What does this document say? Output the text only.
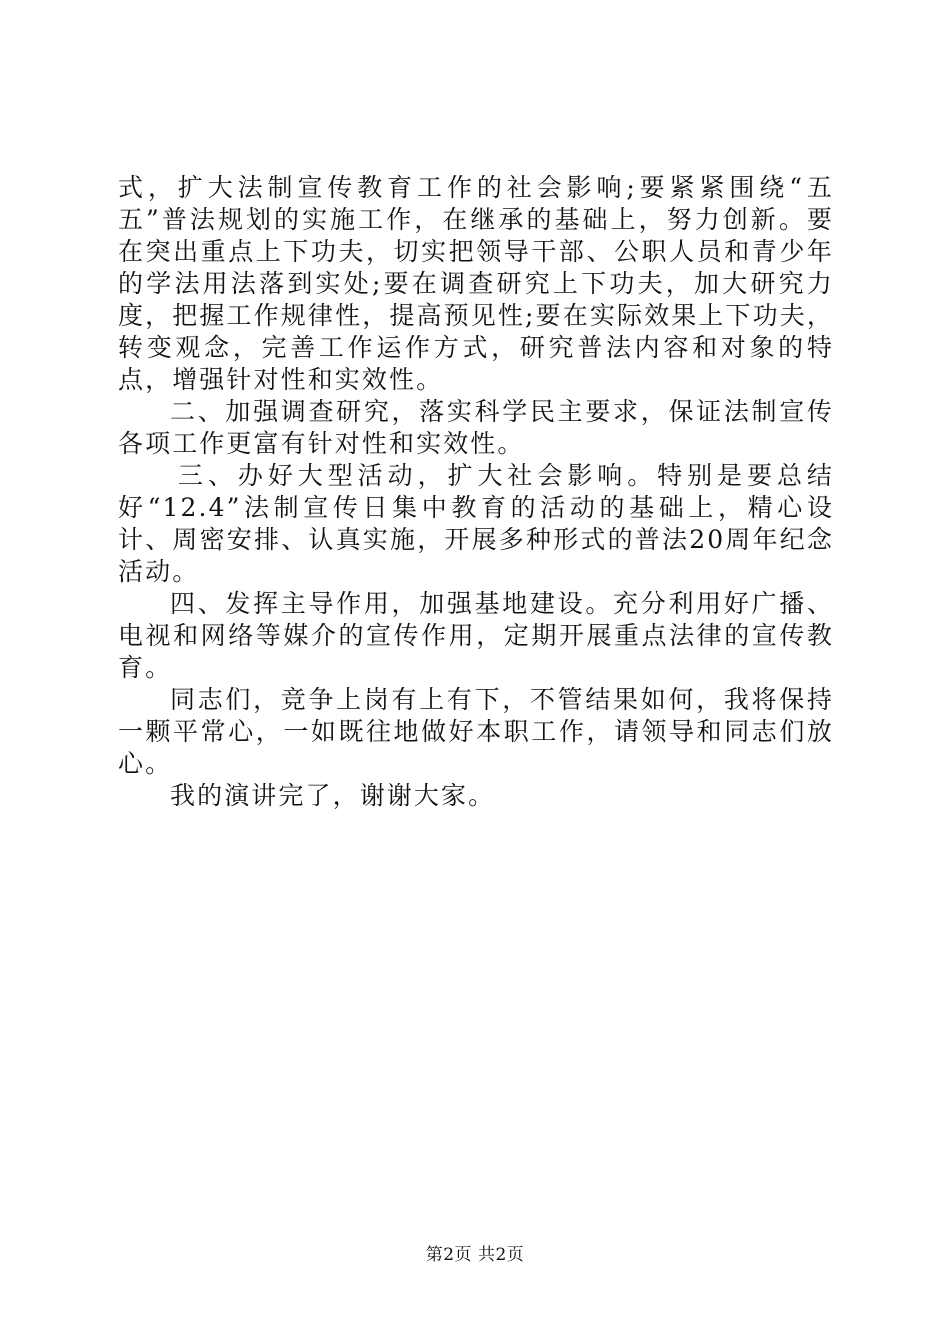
式，扩大法制宣传教育工作的社会影响;要紧紧围绕“五五”普法规划的实施工作，在继承的基础上，努力创新。要在突出重点上下功夫，切实把领导干部、公职人员和青少年的学法用法落到实处;要在调查研究上下功夫，加大研究力度，把握工作规律性，提高预见性;要在实际效果上下功夫，转变观念，完善工作运作方式，研究普法内容和对象的特点，增强针对性和实效性。

二、加强调查研究，落实科学民主要求，保证法制宣传各项工作更富有针对性和实效性。

三、办好大型活动，扩大社会影响。特别是要总结好“12.4”法制宣传日集中教育的活动的基础上，精心设计、周密安排、认真实施，开展多种形式的普法20周年纪念活动。

四、发挥主导作用，加强基地建设。充分利用好广播、电视和网络等媒介的宣传作用，定期开展重点法律的宣传教育。

同志们，竞争上岗有上有下，不管结果如何，我将保持一颗平常心，一如既往地做好本职工作，请领导和同志们放心。

我的演讲完了，谢谢大家。

第2页 共2页
